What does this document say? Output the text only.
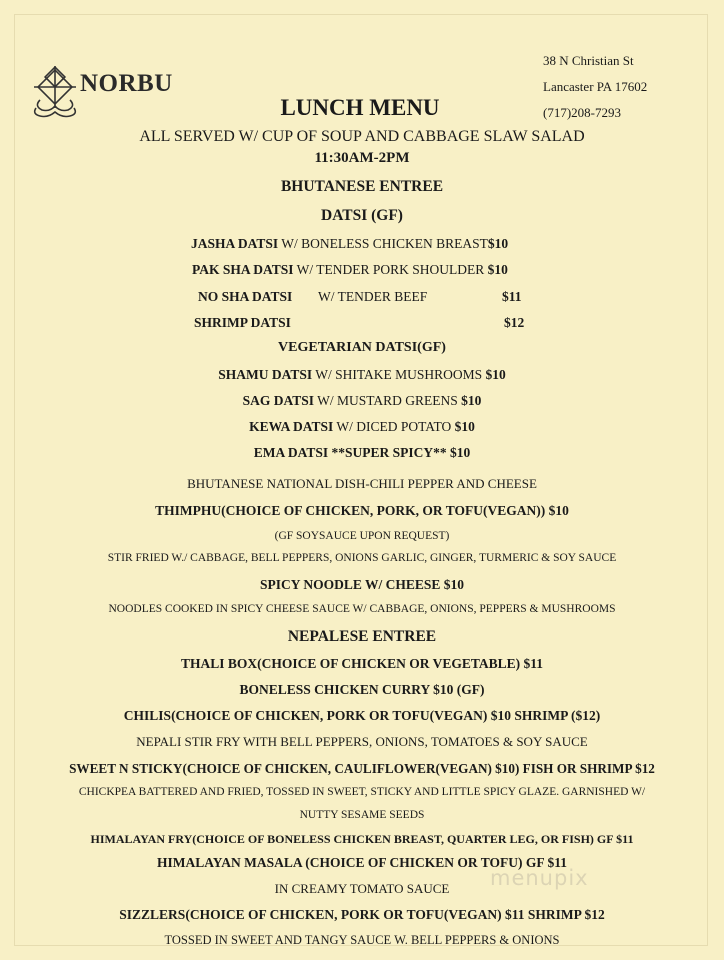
NORBU
38 N Christian St
Lancaster PA 17602
(717)208-7293
LUNCH MENU
ALL SERVED W/ CUP OF SOUP AND CABBAGE SLAW SALAD
11:30AM-2PM
BHUTANESE ENTREE
DATSI (GF)
JASHA DATSI W/ BONELESS CHICKEN BREAST$10
PAK SHA DATSI W/ TENDER PORK SHOULDER $10
NO SHA DATSI W/ TENDER BEEF	$11
SHRIMP DATSI	$12
VEGETARIAN DATSI(GF)
SHAMU DATSI W/ SHITAKE MUSHROOMS $10
SAG DATSI W/ MUSTARD GREENS $10
KEWA DATSI W/ DICED POTATO $10
EMA DATSI **SUPER SPICY** $10
BHUTANESE NATIONAL DISH-CHILI PEPPER AND CHEESE
THIMPHU(CHOICE OF CHICKEN, PORK, OR TOFU(VEGAN)) $10
(GF SOYSAUCE UPON REQUEST)
STIR FRIED W./ CABBAGE, BELL PEPPERS, ONIONS GARLIC, GINGER, TURMERIC & SOY SAUCE
SPICY NOODLE W/ CHEESE $10
NOODLES COOKED IN SPICY CHEESE SAUCE W/ CABBAGE, ONIONS, PEPPERS & MUSHROOMS
NEPALESE ENTREE
THALI BOX(CHOICE OF CHICKEN OR VEGETABLE) $11
BONELESS CHICKEN CURRY $10 (GF)
CHILIS(CHOICE OF CHICKEN, PORK OR TOFU(VEGAN) $10 SHRIMP ($12)
NEPALI STIR FRY WITH BELL PEPPERS, ONIONS, TOMATOES & SOY SAUCE
SWEET N STICKY(CHOICE OF CHICKEN, CAULIFLOWER(VEGAN) $10) FISH OR SHRIMP $12
CHICKPEA BATTERED AND FRIED, TOSSED IN SWEET, STICKY AND LITTLE SPICY GLAZE. GARNISHED W/
NUTTY SESAME SEEDS
HIMALAYAN FRY(CHOICE OF BONELESS CHICKEN BREAST, QUARTER LEG, OR FISH) GF $11
HIMALAYAN MASALA (CHOICE OF CHICKEN OR TOFU) GF $11
IN CREAMY TOMATO SAUCE
SIZZLERS(CHOICE OF CHICKEN, PORK OR TOFU(VEGAN) $11 SHRIMP $12
TOSSED IN SWEET AND TANGY SAUCE W. BELL PEPPERS & ONIONS
menupix
